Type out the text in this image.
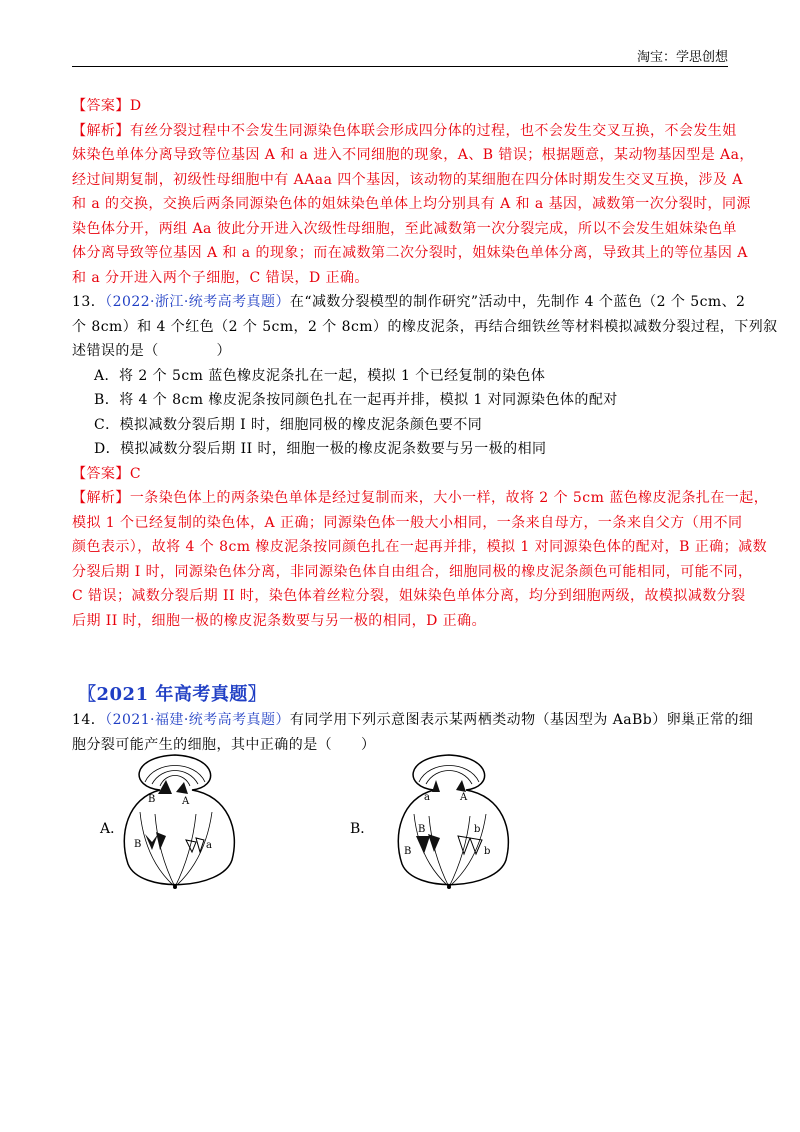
淘宝：学思创想
【答案】D
【解析】有丝分裂过程中不会发生同源染色体联会形成四分体的过程，也不会发生交叉互换，不会发生姐
妹染色单体分离导致等位基因 A 和 a 进入不同细胞的现象，A、B 错误；根据题意，某动物基因型是 Aa，
经过间期复制，初级性母细胞中有 AAaa 四个基因，该动物的某细胞在四分体时期发生交叉互换，涉及 A
和 a 的交换，交换后两条同源染色体的姐妹染色单体上均分别具有 A 和 a 基因，减数第一次分裂时，同源
染色体分开，两组 Aa 彼此分开进入次级性母细胞，至此减数第一次分裂完成，所以不会发生姐妹染色单
体分离导致等位基因 A 和 a 的现象；而在减数第二次分裂时，姐妹染色单体分离，导致其上的等位基因 A
和 a 分开进入两个子细胞，C 错误，D 正确。
13．（2022·浙江·统考高考真题）在“减数分裂模型的制作研究”活动中，先制作 4 个蓝色（2 个 5cm、2
个 8cm）和 4 个红色（2 个 5cm，2 个 8cm）的橡皮泥条，再结合细铁丝等材料模拟减数分裂过程，下列叙
述错误的是（　　　　）
A．将 2 个 5cm 蓝色橡皮泥条扎在一起，模拟 1 个已经复制的染色体
B．将 4 个 8cm 橡皮泥条按同颜色扎在一起再并排，模拟 1 对同源染色体的配对
C．模拟减数分裂后期 I 时，细胞同极的橡皮泥条颜色要不同
D．模拟减数分裂后期 II 时，细胞一极的橡皮泥条数要与另一极的相同
【答案】C
【解析】一条染色体上的两条染色单体是经过复制而来，大小一样，故将 2 个 5cm 蓝色橡皮泥条扎在一起，
模拟 1 个已经复制的染色体，A 正确；同源染色体一般大小相同，一条来自母方，一条来自父方（用不同
颜色表示），故将 4 个 8cm 橡皮泥条按同颜色扎在一起再并排，模拟 1 对同源染色体的配对，B 正确；减数
分裂后期 I 时，同源染色体分离，非同源染色体自由组合，细胞同极的橡皮泥条颜色可能相同，可能不同，
C 错误；减数分裂后期 II 时，染色体着丝粒分裂，姐妹染色单体分离，均分到细胞两级，故模拟减数分裂
后期 II 时，细胞一极的橡皮泥条数要与另一极的相同，D 正确。
〖2021 年高考真题〗
14．（2021·福建·统考高考真题）有同学用下列示意图表示某两栖类动物（基因型为 AaBb）卵巢正常的细
胞分裂可能产生的细胞，其中正确的是（　　）
A．
B	A
B	a
B．
a	A
B
B
b
b
